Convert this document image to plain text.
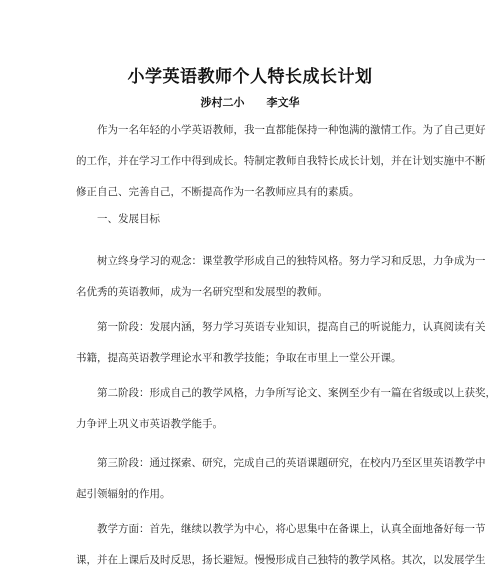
小学英语教师个人特长成长计划
涉村二小 李文华
作为一名年轻的小学英语教师，我一直都能保持一种饱满的激情工作。为了自己更好
的工作，并在学习工作中得到成长。特制定教师自我特长成长计划，并在计划实施中不断
修正自己、完善自己，不断提高作为一名教师应具有的素质。
一、发展目标
树立终身学习的观念：课堂教学形成自己的独特风格。努力学习和反思，力争成为一
名优秀的英语教师，成为一名研究型和发展型的教师。
第一阶段：发展内涵，努力学习英语专业知识，提高自己的听说能力，认真阅读有关
书籍，提高英语教学理论水平和教学技能；争取在市里上一堂公开课。
第二阶段：形成自己的教学风格，力争所写论文、案例至少有一篇在省级或以上获奖，
力争评上巩义市英语教学能手。
第三阶段：通过探索、研究，完成自己的英语课题研究，在校内乃至区里英语教学中
起引领辐射的作用。
教学方面：首先，继续以教学为中心，将心思集中在备课上，认真全面地备好每一节
课，并在上课后及时反思，扬长避短。慢慢形成自己独特的教学风格。其次，以发展学生
